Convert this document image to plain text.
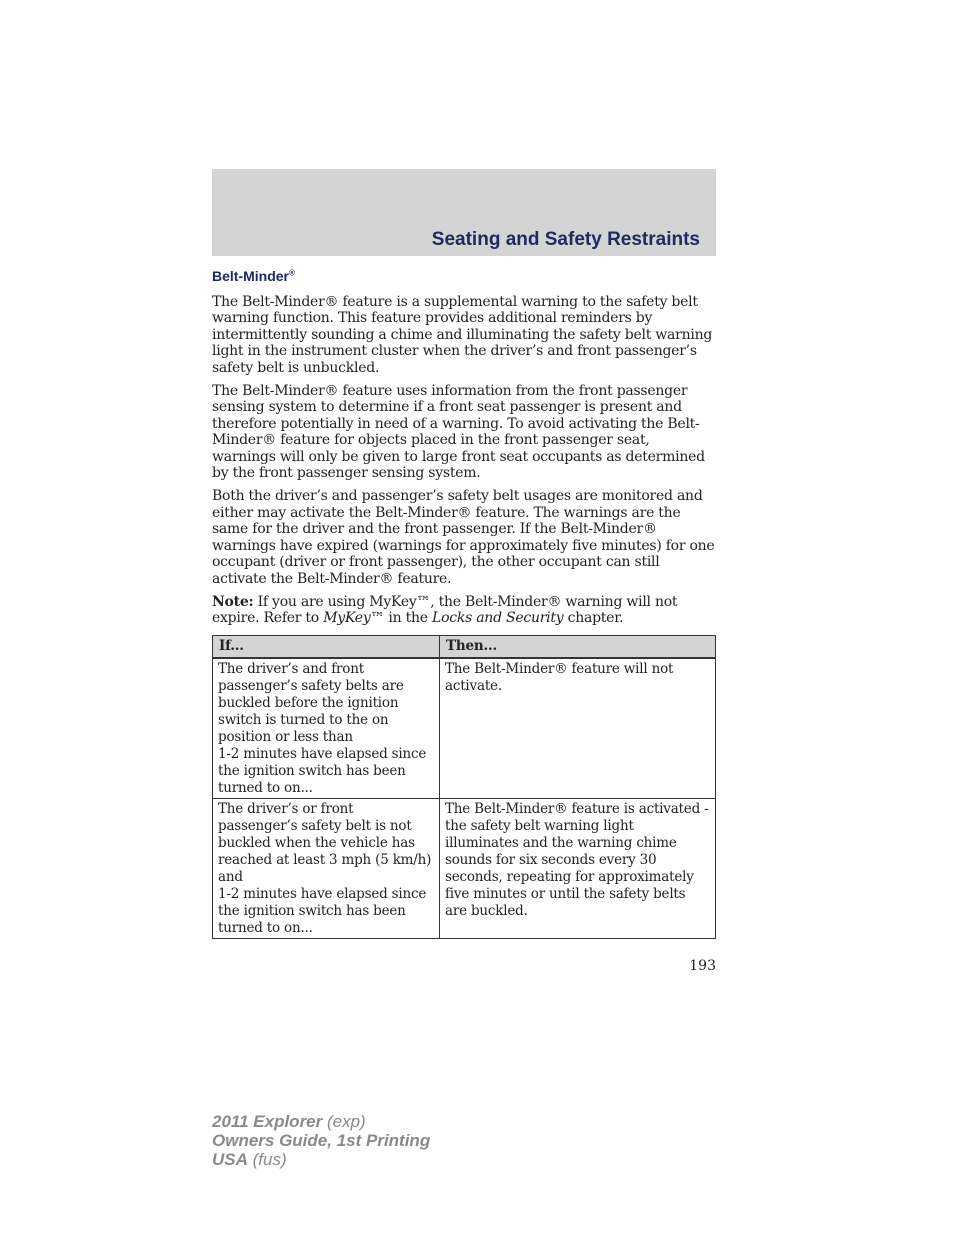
Seating and Safety Restraints
Belt-Minder®

The Belt-Minder® feature is a supplemental warning to the safety belt warning function. This feature provides additional reminders by intermittently sounding a chime and illuminating the safety belt warning light in the instrument cluster when the driver’s and front passenger’s safety belt is unbuckled.

The Belt-Minder® feature uses information from the front passenger sensing system to determine if a front seat passenger is present and therefore potentially in need of a warning. To avoid activating the Belt-Minder® feature for objects placed in the front passenger seat, warnings will only be given to large front seat occupants as determined by the front passenger sensing system.

Both the driver’s and passenger’s safety belt usages are monitored and either may activate the Belt-Minder® feature. The warnings are the same for the driver and the front passenger. If the Belt-Minder® warnings have expired (warnings for approximately five minutes) for one occupant (driver or front passenger), the other occupant can still activate the Belt-Minder® feature.

Note: If you are using MyKey™, the Belt-Minder® warning will not expire. Refer to MyKey™ in the Locks and Security chapter.

If...	Then...

The driver’s and front passenger’s safety belts are buckled before the ignition switch is turned to the on position or less than
1-2 minutes have elapsed since the ignition switch has been turned to on...	The Belt-Minder® feature will not activate.

The driver’s or front passenger’s safety belt is not buckled when the vehicle has reached at least 3 mph (5 km/h) and
1-2 minutes have elapsed since the ignition switch has been turned to on...	The Belt-Minder® feature is activated - the safety belt warning light illuminates and the warning chime sounds for six seconds every 30 seconds, repeating for approximately five minutes or until the safety belts are buckled.
193
2011 Explorer (exp)
Owners Guide, 1st Printing
USA (fus)
